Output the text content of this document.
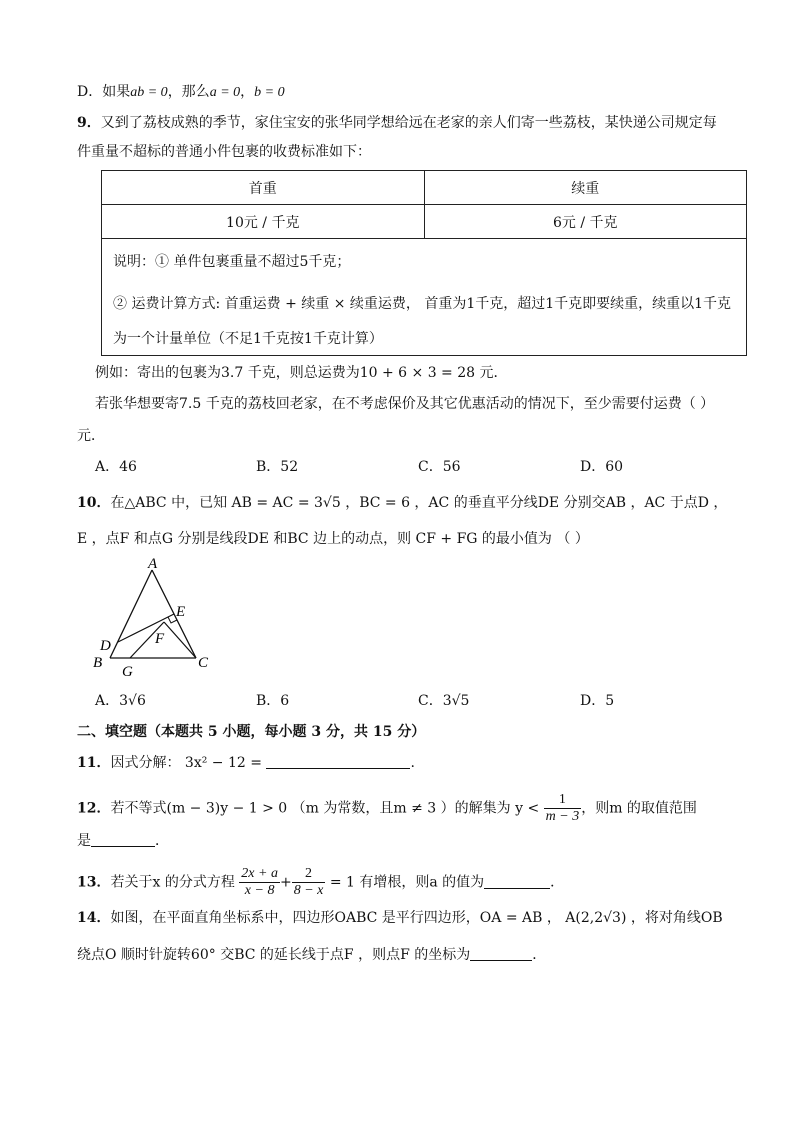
D．如果ab = 0，那么a = 0，b = 0
9．又到了荔枝成熟的季节，家住宝安的张华同学想给远在老家的亲人们寄一些荔枝，某快递公司规定每
件重量不超标的普通小件包裹的收费标准如下：
首重	续重
10元 / 千克	6元 / 千克
说明：① 单件包裹重量不超过5千克；
② 运费计算方式: 首重运费 + 续重 × 续重运费， 首重为1千克，超过1千克即要续重，续重以1千克
为一个计量单位（不足1千克按1千克计算）
例如：寄出的包裹为3.7 千克，则总运费为10 + 6 × 3 = 28 元．
若张华想要寄7.5 千克的荔枝回老家，在不考虑保价及其它优惠活动的情况下，至少需要付运费（ ）
元．
A．46	B．52	C．56	D．60
10．在△ABC 中，已知 AB = AC = 3√5 ，BC = 6 ，AC 的垂直平分线DE 分别交AB ，AC 于点D ，
E ，点F 和点G 分别是线段DE 和BC 边上的动点，则 CF + FG 的最小值为 （ ）
A
E
F
D
B
G
C
A．3√6	B．6	C．3√5	D．5
二、填空题（本题共 5 小题，每小题 3 分，共 15 分）
11．因式分解： 3x² − 12 =	.
12．若不等式(m − 3)y − 1 > 0 （m 为常数，且m ≠ 3 ）的解集为 $y < \frac{1}{m - 3}$ ，则m 的取值范围
是	．
13．若关于x 的分式方程 $\frac{2x + a}{x - 8} + \frac{2}{8 - x} = 1$ 有增根，则a 的值为	．
14．如图，在平面直角坐标系中，四边形OABC 是平行四边形，OA = AB ， A(2,2√3) ，将对角线OB
绕点O 顺时针旋转60° 交BC 的延长线于点F ，则点F 的坐标为	．
